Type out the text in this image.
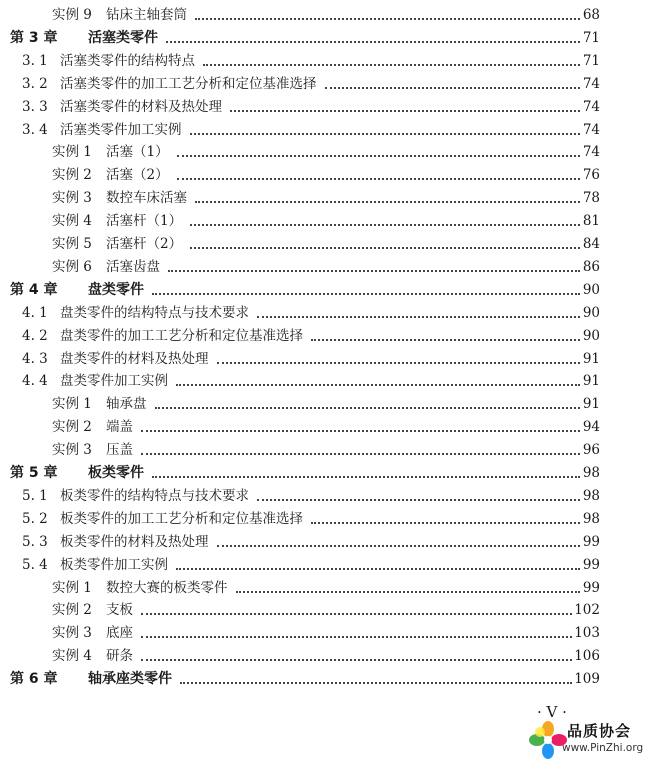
实例 9	钻床主轴套筒	68
第 3 章	活塞类零件	71
3. 1 活塞类零件的结构特点	71
3. 2 活塞类零件的加工工艺分析和定位基准选择	74
3. 3 活塞类零件的材料及热处理	74
3. 4 活塞类零件加工实例	74
实例 1	活塞（1）	74
实例 2	活塞（2）	76
实例 3	数控车床活塞	78
实例 4	活塞杆（1）	81
实例 5	活塞杆（2）	84
实例 6	活塞齿盘	86
第 4 章	盘类零件	90
4. 1 盘类零件的结构特点与技术要求	90
4. 2 盘类零件的加工工艺分析和定位基准选择	90
4. 3 盘类零件的材料及热处理	91
4. 4 盘类零件加工实例	91
实例 1	轴承盘	91
实例 2	端盖	94
实例 3	压盖	96
第 5 章	板类零件	98
5. 1 板类零件的结构特点与技术要求	98
5. 2 板类零件的加工工艺分析和定位基准选择	98
5. 3 板类零件的材料及热处理	99
5. 4 板类零件加工实例	99
实例 1	数控大赛的板类零件	99
实例 2	支板	102
实例 3	底座	103
实例 4	研条	106
第 6 章	轴承座类零件	109
· V ·
品质协会
www.PinZhi.org
